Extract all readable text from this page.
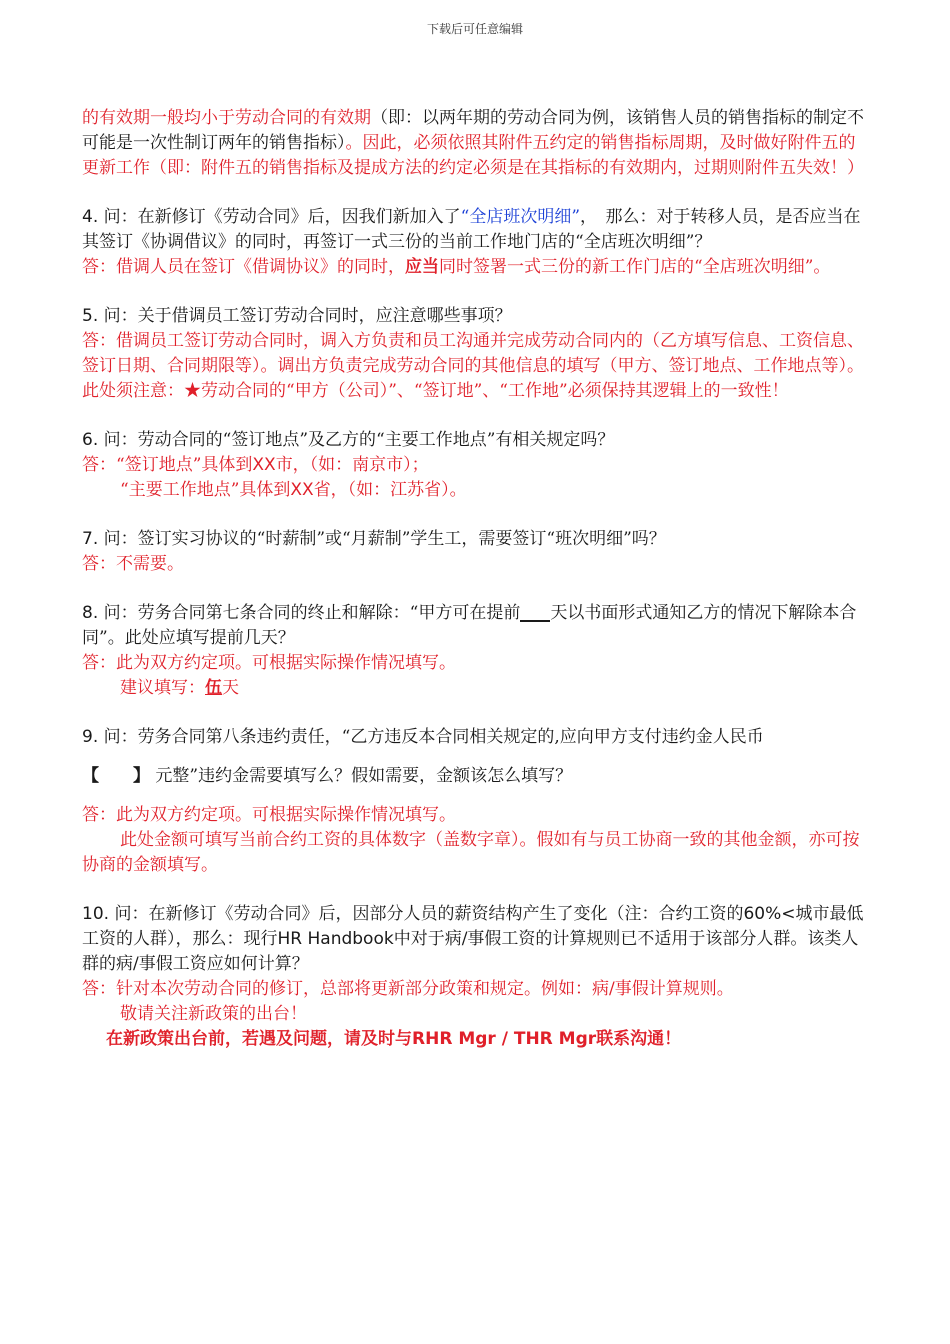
下载后可任意编辑

的有效期一般均小于劳动合同的有效期（即：以两年期的劳动合同为例，该销售人员的销售指标的制定不可能是一次性制订两年的销售指标）。因此，必须依照其附件五约定的销售指标周期，及时做好附件五的更新工作（即：附件五的销售指标及提成方法的约定必须是在其指标的有效期内，过期则附件五失效！）

4. 问：在新修订《劳动合同》后，因我们新加入了“全店班次明细”，　那么：对于转移人员，是否应当在其签订《协调借议》的同时，再签订一式三份的当前工作地门店的“全店班次明细”？

答：借调人员在签订《借调协议》的同时，应当同时签署一式三份的新工作门店的“全店班次明细”。

5. 问：关于借调员工签订劳动合同时，应注意哪些事项？

答：借调员工签订劳动合同时，调入方负责和员工沟通并完成劳动合同内的（乙方填写信息、工资信息、签订日期、合同期限等）。调出方负责完成劳动合同的其他信息的填写（甲方、签订地点、工作地点等）。

此处须注意：★劳动合同的“甲方（公司）”、“签订地”、“工作地”必须保持其逻辑上的一致性！

6. 问：劳动合同的“签订地点”及乙方的“主要工作地点”有相关规定吗？

答：“签订地点”具体到XX市，（如：南京市）；

“主要工作地点”具体到XX省，（如：江苏省）。

7. 问：签订实习协议的“时薪制”或“月薪制”学生工，需要签订“班次明细”吗？

答：不需要。

8. 问：劳务合同第七条合同的终止和解除：“甲方可在提前 天以书面形式通知乙方的情况下解除本合同”。此处应填写提前几天？

答：此为双方约定项。可根据实际操作情况填写。

建议填写：伍天

9. 问：劳务合同第八条违约责任，“乙方违反本合同相关规定的,应向甲方支付违约金人民币

【　　】 元整”违约金需要填写么？假如需要，金额该怎么填写？

答：此为双方约定项。可根据实际操作情况填写。

此处金额可填写当前合约工资的具体数字（盖数字章）。假如有与员工协商一致的其他金额，亦可按协商的金额填写。

10. 问：在新修订《劳动合同》后，因部分人员的薪资结构产生了变化（注：合约工资的60%<城市最低工资的人群），那么：现行HR Handbook中对于病/事假工资的计算规则已不适用于该部分人群。该类人群的病/事假工资应如何计算？

答：针对本次劳动合同的修订，总部将更新部分政策和规定。例如：病/事假计算规则。

敬请关注新政策的出台！

在新政策出台前，若遇及问题，请及时与RHR Mgr / THR Mgr联系沟通！
